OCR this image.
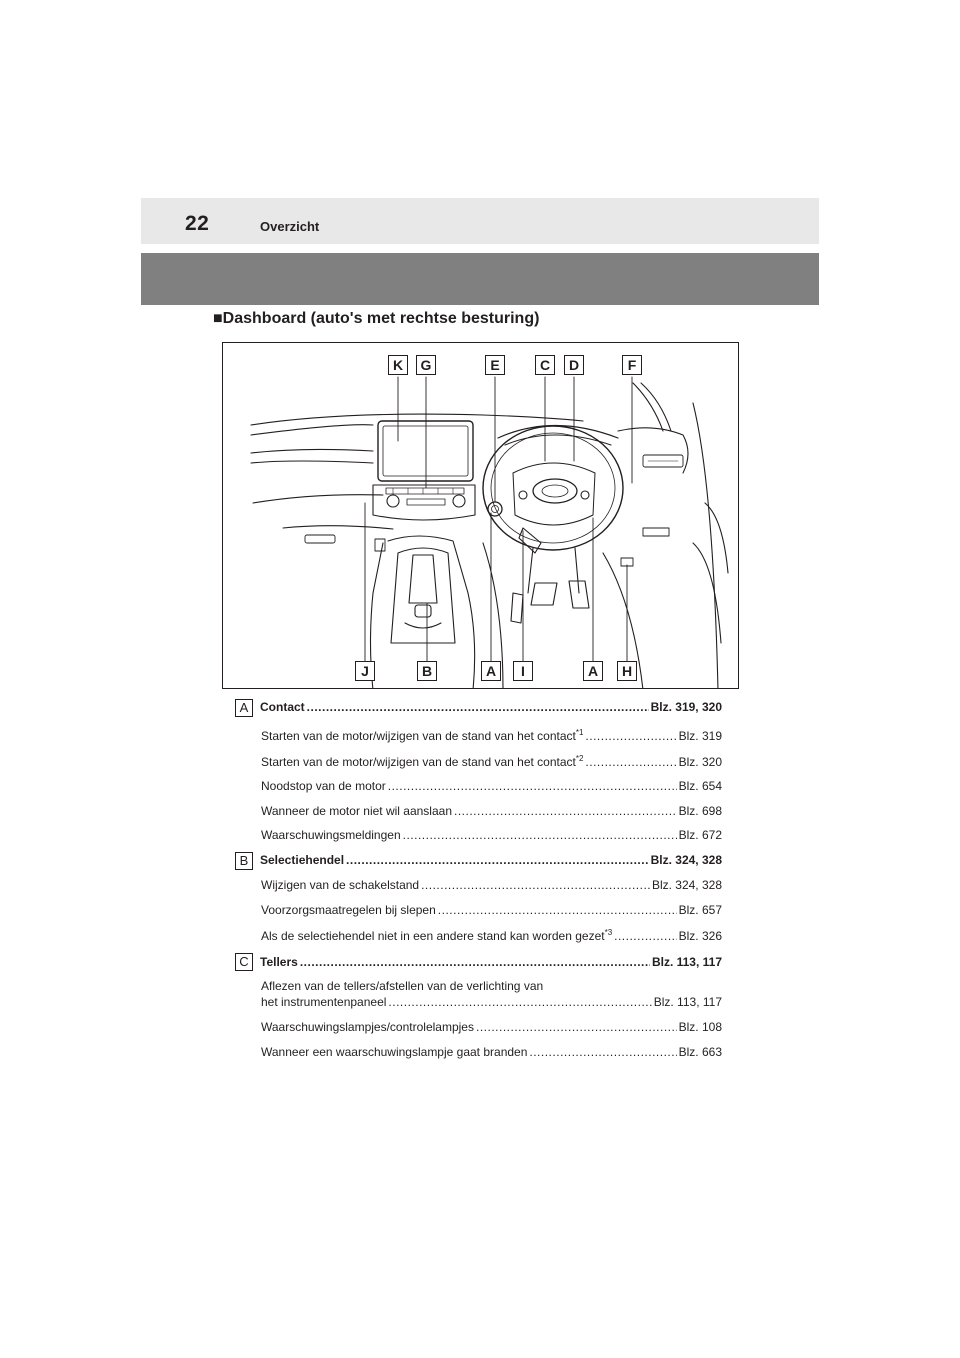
22	Overzicht
■Dashboard (auto's met rechtse besturing)
K	G	E	C	D	F
J	B	A	I	A	H
A Contact .....	Blz. 319, 320
Starten van de motor/wijzigen van de stand van het contact$^{*1}$ .....	Blz. 319
Starten van de motor/wijzigen van de stand van het contact$^{*2}$ .....	Blz. 320
Noodstop van de motor .....	Blz. 654
Wanneer de motor niet wil aanslaan .....	Blz. 698
Waarschuwingsmeldingen .....	Blz. 672
B Selectiehendel .....	Blz. 324, 328
Wijzigen van de schakelstand .....	Blz. 324, 328
Voorzorgsmaatregelen bij slepen .....	Blz. 657
Als de selectiehendel niet in een andere stand kan worden gezet$^{*3}$ .....	Blz. 326
C Tellers .....	Blz. 113, 117
Aflezen van de tellers/afstellen van de verlichting van
het instrumentenpaneel .....	Blz. 113, 117
Waarschuwingslampjes/controlelampjes .....	Blz. 108
Wanneer een waarschuwingslampje gaat branden .....	Blz. 663
